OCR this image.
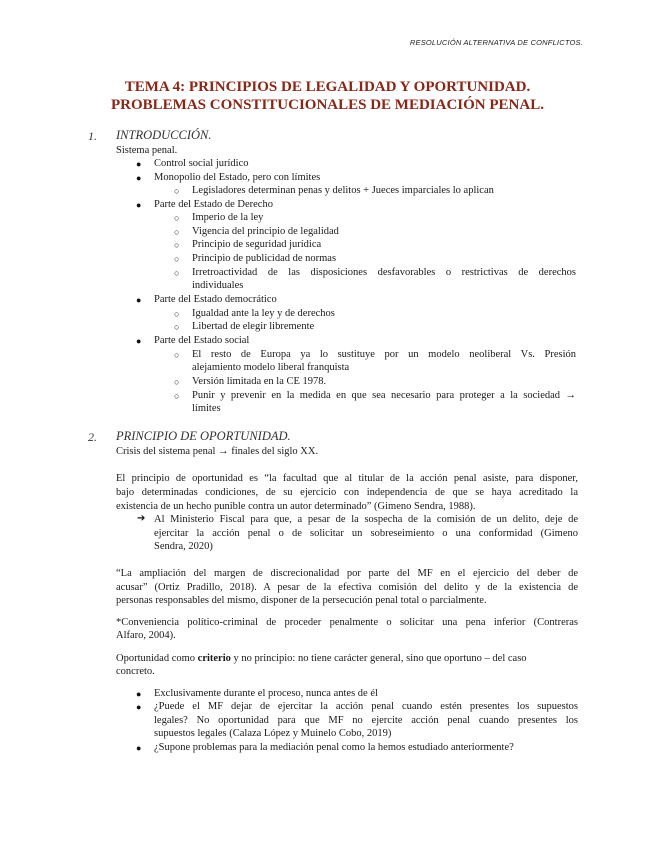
RESOLUCIÓN ALTERNATIVA DE CONFLICTOS.
TEMA 4: PRINCIPIOS DE LEGALIDAD Y OPORTUNIDAD.
PROBLEMAS CONSTITUCIONALES DE MEDIACIÓN PENAL.
1. INTRODUCCIÓN.
Sistema penal.
● Control social jurídico
● Monopolio del Estado, pero con límites
○ Legisladores determinan penas y delitos + Jueces imparciales lo aplican
● Parte del Estado de Derecho
○ Imperio de la ley
○ Vigencia del principio de legalidad
○ Principio de seguridad jurídica
○ Principio de publicidad de normas
○ Irretroactividad de las disposiciones desfavorables o restrictivas de derechos
individuales
● Parte del Estado democrático
○ Igualdad ante la ley y de derechos
○ Libertad de elegir libremente
● Parte del Estado social
○ El resto de Europa ya lo sustituye por un modelo neoliberal Vs. Presión
alejamiento modelo liberal franquista
○ Versión limitada en la CE 1978.
○ Punir y prevenir en la medida en que sea necesario para proteger a la sociedad →
límites
2. PRINCIPIO DE OPORTUNIDAD.
Crisis del sistema penal → finales del siglo XX.
El principio de oportunidad es “la facultad que al titular de la acción penal asiste, para disponer,
bajo determinadas condiciones, de su ejercicio con independencia de que se haya acreditado la
existencia de un hecho punible contra un autor determinado” (Gimeno Sendra, 1988).
➔ Al Ministerio Fiscal para que, a pesar de la sospecha de la comisión de un delito, deje de
ejercitar la acción penal o de solicitar un sobreseimiento o una conformidad (Gimeno
Sendra, 2020)
“La ampliación del margen de discrecionalidad por parte del MF en el ejercicio del deber de
acusar” (Ortiz Pradillo, 2018). A pesar de la efectiva comisión del delito y de la existencia de
personas responsables del mismo, disponer de la persecución penal total o parcialmente.
*Conveniencia político-criminal de proceder penalmente o solicitar una pena inferior (Contreras
Alfaro, 2004).
Oportunidad como criterio y no principio: no tiene carácter general, sino que oportuno – del caso
concreto.
● Exclusivamente durante el proceso, nunca antes de él
● ¿Puede el MF dejar de ejercitar la acción penal cuando estén presentes los supuestos
legales? No oportunidad para que MF no ejercite acción penal cuando presentes los
supuestos legales (Calaza López y Muinelo Cobo, 2019)
● ¿Supone problemas para la mediación penal como la hemos estudiado anteriormente?
